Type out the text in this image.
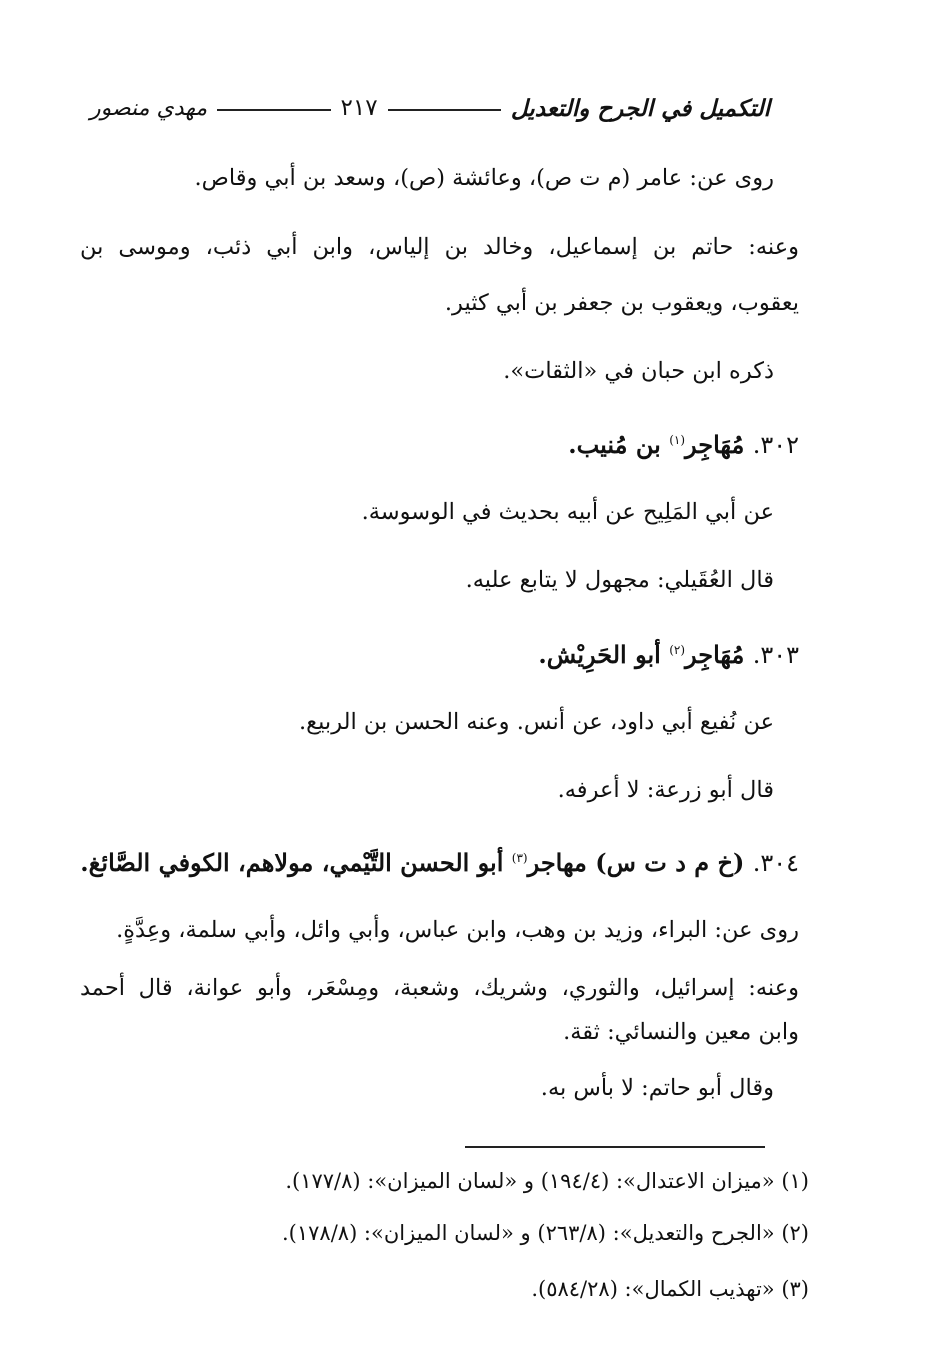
التكميل في الجرح والتعديل
٢١٧
مهدي منصور
روى عن: عامر (م ت ص)، وعائشة (ص)، وسعد بن أبي وقاص.
وعنه: حاتم بن إسماعيل، وخالد بن إلياس، وابن أبي ذئب، وموسى بن
يعقوب، ويعقوب بن جعفر بن أبي كثير.
ذكره ابن حبان في «الثقات».
٣٠٢. مُهَاجِر$^{(١)}$ بن مُنيب.
عن أبي المَلِيح عن أبيه بحديث في الوسوسة.
قال العُقَيلي: مجهول لا يتابع عليه.
٣٠٣. مُهَاجِر$^{(٢)}$ أبو الحَرِيْش.
عن نُفيع أبي داود، عن أنس. وعنه الحسن بن الربيع.
قال أبو زرعة: لا أعرفه.
٣٠٤. (خ م د ت س) مهاجر$^{(٣)}$ أبو الحسن التَّيْمي، مولاهم، الكوفي الصَّائغ.
روى عن: البراء، وزيد بن وهب، وابن عباس، وأبي وائل، وأبي سلمة، وعِدَّةٍ.
وعنه: إسرائيل، والثوري، وشريك، وشعبة، ومِسْعَر، وأبو عوانة، قال أحمد
وابن معين والنسائي: ثقة.
وقال أبو حاتم: لا بأس به.
(١) «ميزان الاعتدال»: (١٩٤/٤) و «لسان الميزان»: (١٧٧/٨).
(٢) «الجرح والتعديل»: (٢٦٣/٨) و «لسان الميزان»: (١٧٨/٨).
(٣) «تهذيب الكمال»: (٥٨٤/٢٨).
